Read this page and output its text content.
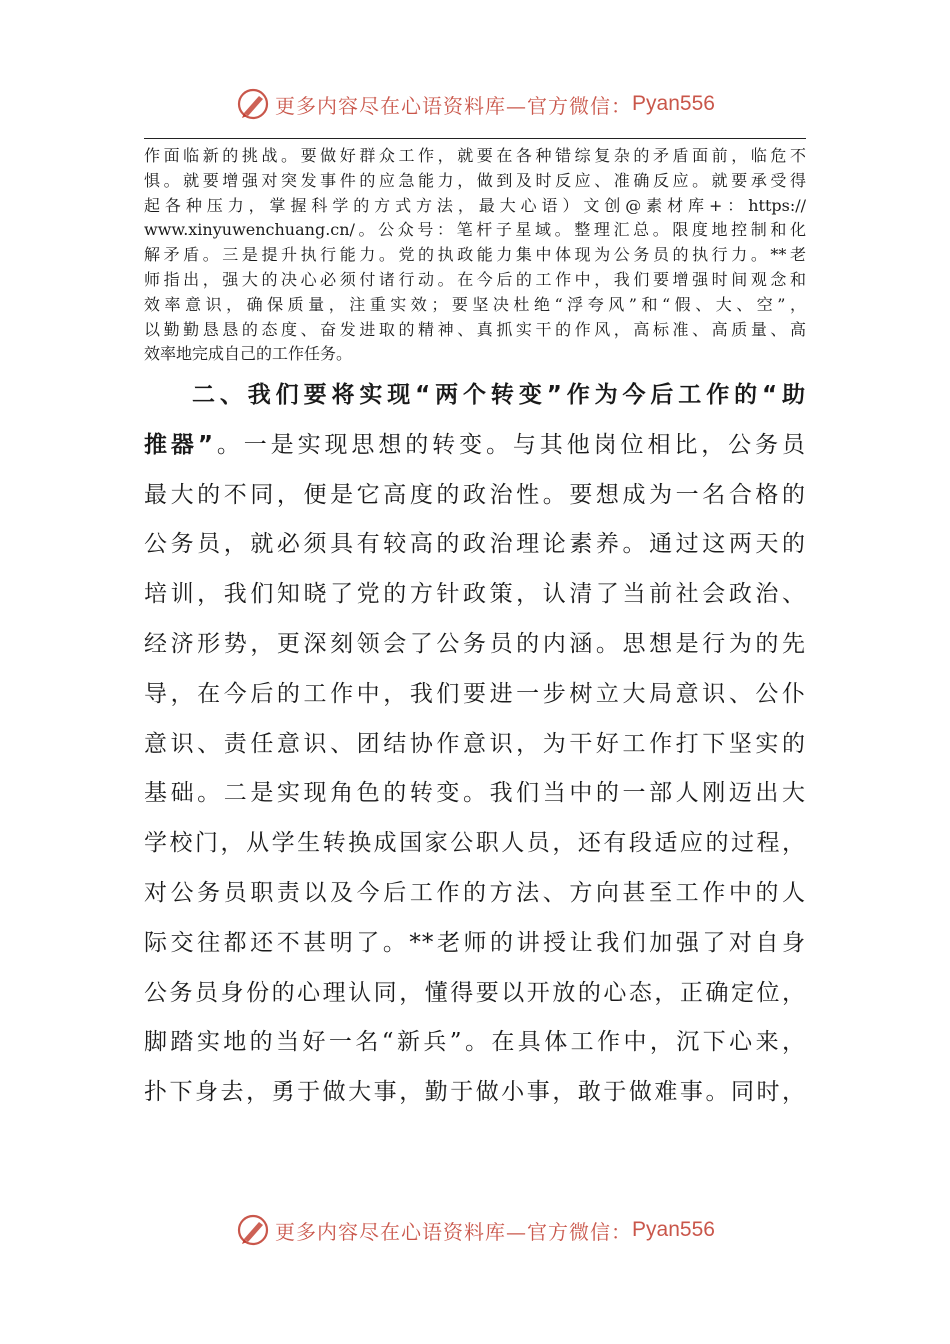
更多内容尽在心语资料库—官方微信： Pyan556
作面临新的挑战。要做好群众工作，就要在各种错综复杂的矛盾面前，临危不
惧。就要增强对突发事件的应急能力，做到及时反应、准确反应。就要承受得
起各种压力，掌握科学的方式方法，最大心语）文创@素材库+：https://
www.xinyuwenchuang.cn/。公众号：笔杆子星域。整理汇总。限度地控制和化
解矛盾。三是提升执行能力。党的执政能力集中体现为公务员的执行力。**老
师指出，强大的决心必须付诸行动。在今后的工作中，我们要增强时间观念和
效率意识，确保质量，注重实效；要坚决杜绝“浮夸风”和“假、大、空”，
以勤勤恳恳的态度、奋发进取的精神、真抓实干的作风，高标准、高质量、高
效率地完成自己的工作任务。
二、我们要将实现“两个转变”作为今后工作的“助
推器”。一是实现思想的转变。与其他岗位相比，公务员
最大的不同，便是它高度的政治性。要想成为一名合格的
公务员，就必须具有较高的政治理论素养。通过这两天的
培训，我们知晓了党的方针政策，认清了当前社会政治、
经济形势，更深刻领会了公务员的内涵。思想是行为的先
导，在今后的工作中，我们要进一步树立大局意识、公仆
意识、责任意识、团结协作意识，为干好工作打下坚实的
基础。二是实现角色的转变。我们当中的一部人刚迈出大
学校门，从学生转换成国家公职人员，还有段适应的过程，
对公务员职责以及今后工作的方法、方向甚至工作中的人
际交往都还不甚明了。**老师的讲授让我们加强了对自身
公务员身份的心理认同，懂得要以开放的心态，正确定位，
脚踏实地的当好一名“新兵”。在具体工作中，沉下心来，
扑下身去，勇于做大事，勤于做小事，敢于做难事。同时，
更多内容尽在心语资料库—官方微信： Pyan556
